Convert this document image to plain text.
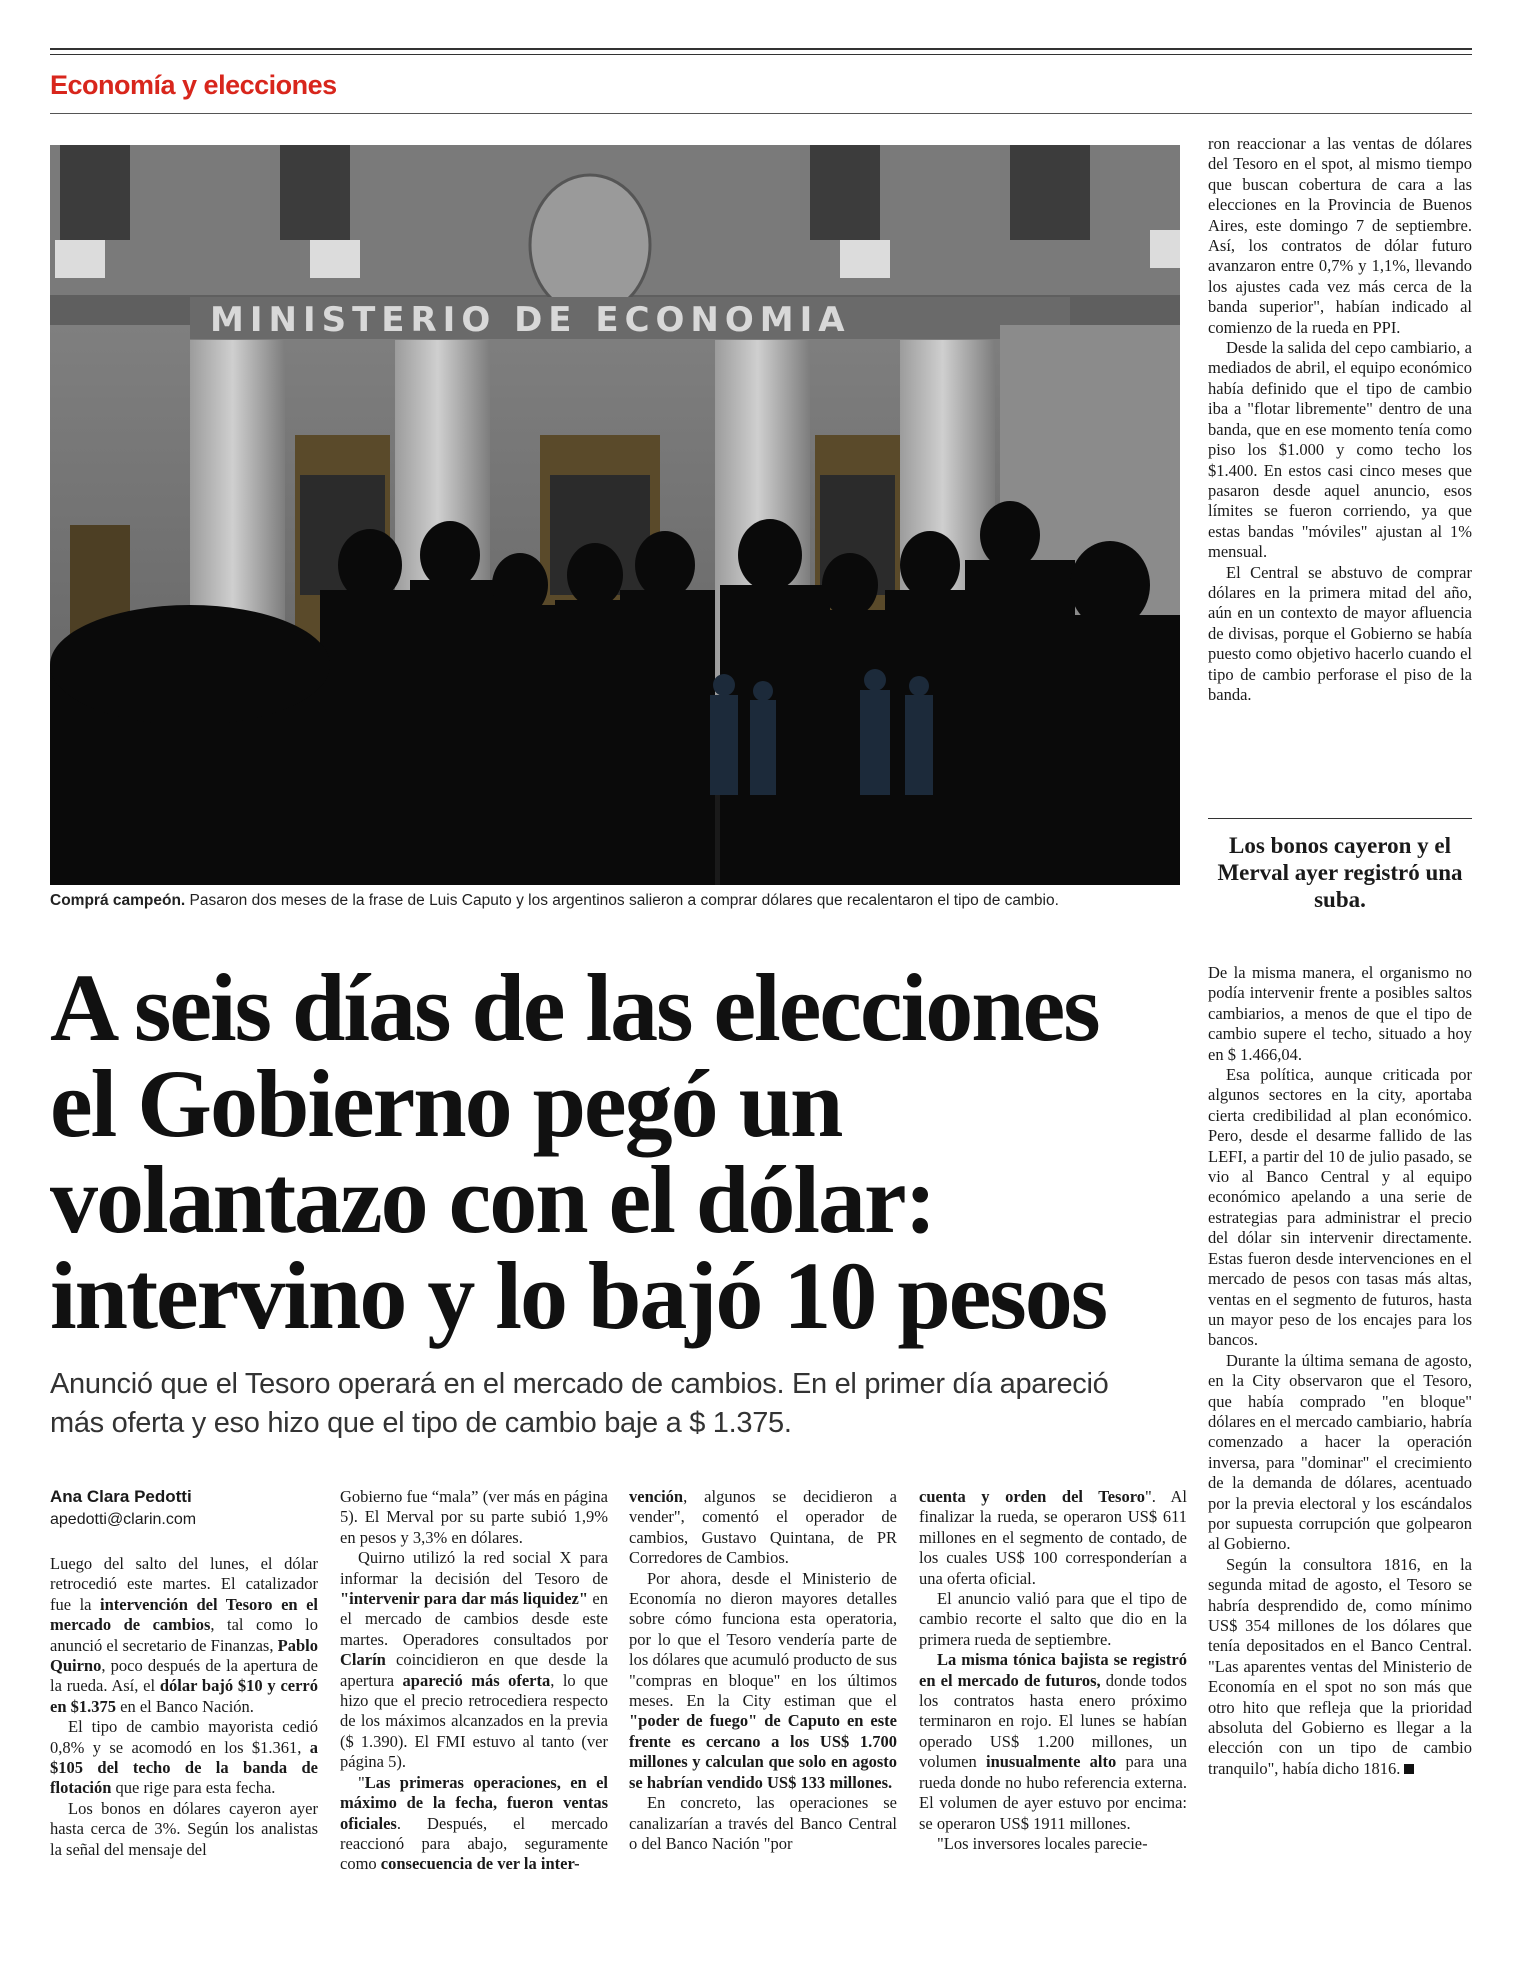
Economía y elecciones
MINISTERIO DE ECONOMIA
Comprá campeón. Pasaron dos meses de la frase de Luis Caputo y los argentinos salieron a comprar dólares que recalentaron el tipo de cambio.
A seis días de las elecciones
el Gobierno pegó un
volantazo con el dólar:
intervino y lo bajó 10 pesos
Anunció que el Tesoro operará en el mercado de cambios. En el primer día apareció más oferta y eso hizo que el tipo de cambio baje a $ 1.375.
Ana Clara Pedotti
apedotti@clarin.com

Luego del salto del lunes, el dólar retrocedió este martes. El catalizador fue la intervención del Tesoro en el mercado de cambios, tal como lo anunció el secretario de Finanzas, Pablo Quirno, poco después de la apertura de la rueda. Así, el dólar bajó $10 y cerró en $1.375 en el Banco Nación.

El tipo de cambio mayorista cedió 0,8% y se acomodó en los $1.361, a $105 del techo de la banda de flotación que rige para esta fecha.

Los bonos en dólares cayeron ayer hasta cerca de 3%. Según los analistas la señal del mensaje del

Gobierno fue “mala” (ver más en página 5). El Merval por su parte subió 1,9% en pesos y 3,3% en dólares.

Quirno utilizó la red social X para informar la decisión del Tesoro de "intervenir para dar más liquidez" en el mercado de cambios desde este martes. Operadores consultados por Clarín coincidieron en que desde la apertura apareció más oferta, lo que hizo que el precio retrocediera respecto de los máximos alcanzados en la previa ($ 1.390). El FMI estuvo al tanto (ver página 5).

"Las primeras operaciones, en el máximo de la fecha, fueron ventas oficiales. Después, el mercado reaccionó para abajo, seguramente como consecuencia de ver la inter-

vención, algunos se decidieron a vender", comentó el operador de cambios, Gustavo Quintana, de PR Corredores de Cambios.

Por ahora, desde el Ministerio de Economía no dieron mayores detalles sobre cómo funciona esta operatoria, por lo que el Tesoro vendería parte de los dólares que acumuló producto de sus "compras en bloque" en los últimos meses. En la City estiman que el "poder de fuego" de Caputo en este frente es cercano a los US$ 1.700 millones y calculan que solo en agosto se habrían vendido US$ 133 millones.

En concreto, las operaciones se canalizarían a través del Banco Central o del Banco Nación "por

cuenta y orden del Tesoro". Al finalizar la rueda, se operaron US$ 611 millones en el segmento de contado, de los cuales US$ 100 corresponderían a una oferta oficial.

El anuncio valió para que el tipo de cambio recorte el salto que dio en la primera rueda de septiembre.

La misma tónica bajista se registró en el mercado de futuros, donde todos los contratos hasta enero próximo terminaron en rojo. El lunes se habían operado US$ 1.200 millones, un volumen inusualmente alto para una rueda donde no hubo referencia externa. El volumen de ayer estuvo por encima: se operaron US$ 1911 millones.

"Los inversores locales parecie-

ron reaccionar a las ventas de dólares del Tesoro en el spot, al mismo tiempo que buscan cobertura de cara a las elecciones en la Provincia de Buenos Aires, este domingo 7 de septiembre. Así, los contratos de dólar futuro avanzaron entre 0,7% y 1,1%, llevando los ajustes cada vez más cerca de la banda superior", habían indicado al comienzo de la rueda en PPI.

Desde la salida del cepo cambiario, a mediados de abril, el equipo económico había definido que el tipo de cambio iba a "flotar libremente" dentro de una banda, que en ese momento tenía como piso los $1.000 y como techo los $1.400. En estos casi cinco meses que pasaron desde aquel anuncio, esos límites se fueron corriendo, ya que estas bandas "móviles" ajustan al 1% mensual.

El Central se abstuvo de comprar dólares en la primera mitad del año, aún en un contexto de mayor afluencia de divisas, porque el Gobierno se había puesto como objetivo hacerlo cuando el tipo de cambio perforase el piso de la banda.

Los bonos cayeron y el Merval ayer registró una suba.

De la misma manera, el organismo no podía intervenir frente a posibles saltos cambiarios, a menos de que el tipo de cambio supere el techo, situado a hoy en $ 1.466,04.

Esa política, aunque criticada por algunos sectores en la city, aportaba cierta credibilidad al plan económico. Pero, desde el desarme fallido de las LEFI, a partir del 10 de julio pasado, se vio al Banco Central y al equipo económico apelando a una serie de estrategias para administrar el precio del dólar sin intervenir directamente. Estas fueron desde intervenciones en el mercado de pesos con tasas más altas, ventas en el segmento de futuros, hasta un mayor peso de los encajes para los bancos.

Durante la última semana de agosto, en la City observaron que el Tesoro, que había comprado "en bloque" dólares en el mercado cambiario, habría comenzado a hacer la operación inversa, para "dominar" el crecimiento de la demanda de dólares, acentuado por la previa electoral y los escándalos por supuesta corrupción que golpearon al Gobierno.

Según la consultora 1816, en la segunda mitad de agosto, el Tesoro se habría desprendido de, como mínimo US$ 354 millones de los dólares que tenía depositados en el Banco Central. "Las aparentes ventas del Ministerio de Economía en el spot no son más que otro hito que refleja que la prioridad absoluta del Gobierno es llegar a la elección con un tipo de cambio tranquilo", había dicho 1816.
